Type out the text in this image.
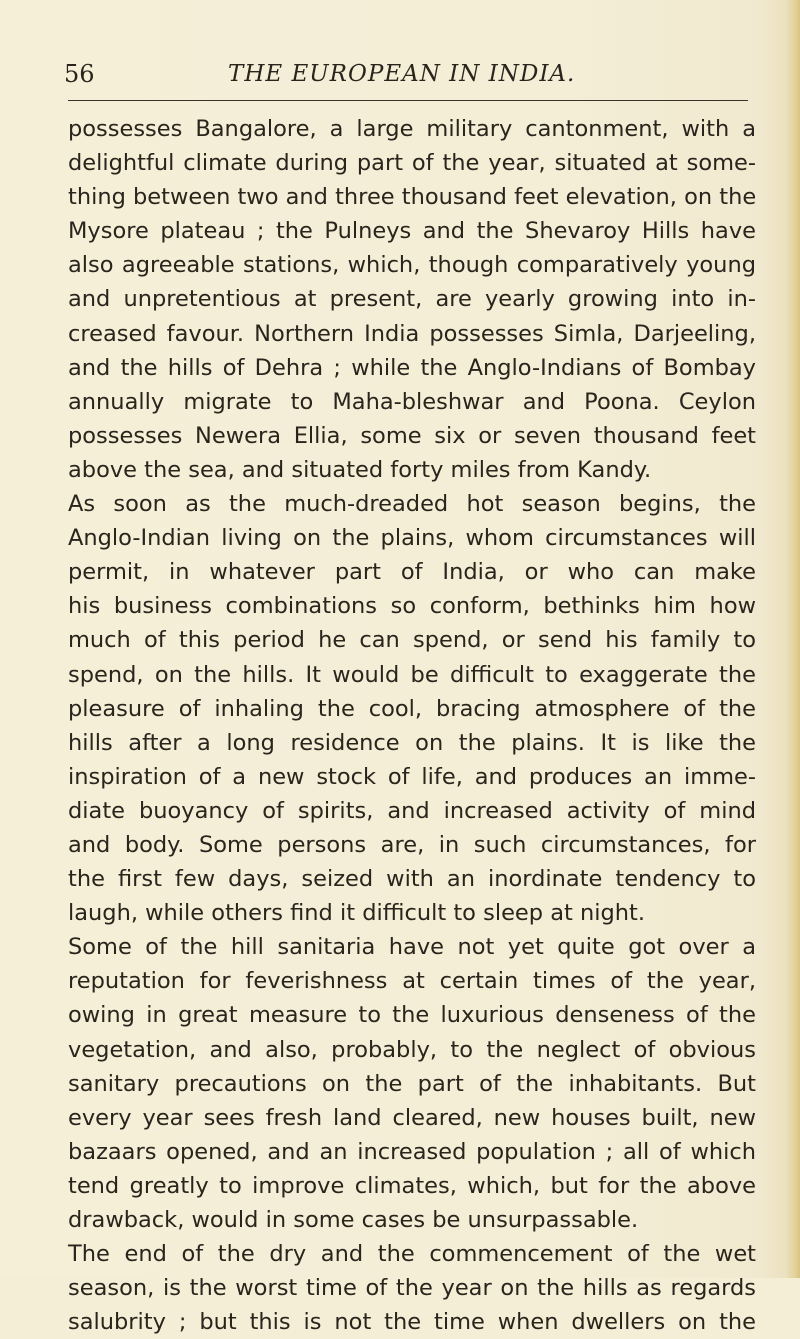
56	THE EUROPEAN IN INDIA.
possesses Bangalore, a large military cantonment, with a
delightful climate during part of the year, situated at some-
thing between two and three thousand feet elevation, on the
Mysore plateau ; the Pulneys and the Shevaroy Hills have
also agreeable stations, which, though comparatively young
and unpretentious at present, are yearly growing into in-
creased favour. Northern India possesses Simla, Darjeeling,
and the hills of Dehra ; while the Anglo-Indians of Bombay
annually migrate to Maha-bleshwar and Poona. Ceylon
possesses Newera Ellia, some six or seven thousand feet
above the sea, and situated forty miles from Kandy.
As soon as the much-dreaded hot season begins, the
Anglo-Indian living on the plains, whom circumstances will
permit, in whatever part of India, or who can make
his business combinations so conform, bethinks him how
much of this period he can spend, or send his family to
spend, on the hills. It would be difficult to exaggerate the
pleasure of inhaling the cool, bracing atmosphere of the
hills after a long residence on the plains. It is like the
inspiration of a new stock of life, and produces an imme-
diate buoyancy of spirits, and increased activity of mind
and body. Some persons are, in such circumstances, for
the first few days, seized with an inordinate tendency to
laugh, while others find it difficult to sleep at night.
Some of the hill sanitaria have not yet quite got over a
reputation for feverishness at certain times of the year,
owing in great measure to the luxurious denseness of the
vegetation, and also, probably, to the neglect of obvious
sanitary precautions on the part of the inhabitants. But
every year sees fresh land cleared, new houses built, new
bazaars opened, and an increased population ; all of which
tend greatly to improve climates, which, but for the above
drawback, would in some cases be unsurpassable.
The end of the dry and the commencement of the wet
season, is the worst time of the year on the hills as regards
salubrity ; but this is not the time when dwellers on the
